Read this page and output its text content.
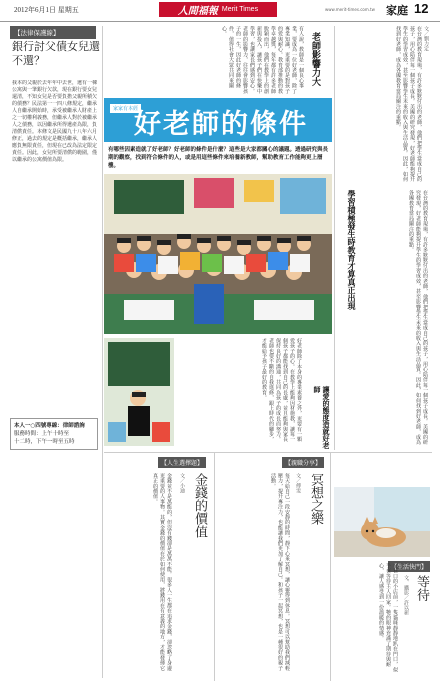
2012年6月1日 星期五	人間福報 Merit Times	www.merit-times.com.tw 家庭 12
【法律保護線】
銀行討父債女兒還不還？
我本的父親於去年年中去世，遺有一棟公寓與一筆銀行欠款，現在銀行要女兒還清，不知女兒是否要負擔父親所積欠的債務？民法第一一四八條規定，繼承人自繼承開始時，承受被繼承人財產上之一切權利義務，但繼承人對於被繼承人之債務，以因繼承所得遺產為限，負清償責任。本條文是民國九十八年六月修正，過去的規定是概括繼承，繼承人應負無限責任，但現在已改為法定限定責任。因此，女兒所要清償的範圍，僅以繼承的公寓價值為限。
本人一○四號專線：律師諮詢
服務時間：上午十時至
十二時，下午一時至五時
有人說，教師是一個良心事業，要成為一位好老師，除了專業知識，更重要的是對孩子的愛與耐心。教育部推動的教學卓越獎，每年都有許多老師脫穎而出，他們在教學上的創新與投入，讓孩子們在快樂中學習，也讓家長們感到安心。老師的影響力，往往會影響孩子的一生，因此好老師的條件，值得社會大眾共同來關心。
老師影響力大
家家有本經
好老師的條件
有哪些因素造就了好老師？好老師的條件是什麼？這些是大家都關心的議題。透過研究與長期的觀察，找到符合條件的人，或是用這些條件來培養新教師，幫助教育工作能夠更上層樓。
好老師除了本身的專業素養之外，更要有一顆愛孩子的心。在教學上能夠因材施教，讓每一個孩子都能找到自己的長處，並且能夠與家長保持良好的溝通，共同為孩子的成長而努力。老師也要不斷的自我進修，跟上時代的腳步，才能給予孩子最好的教育。
讓愛的態度造就好老師
文／劉力定
在台灣的教育現場，有許多默默付出的老師，他們把學生當成自己的孩子，用心陪伴每一個孩子成長。美國的研究發現，好老師能夠提升學生的學習成效，甚至影響學生未來的收入與生活品質。因此，如何找到好老師，成為各國教育當局關注的重點。
學習積極發生時教育才算真正出現	在台灣的教育現場，有許多默默付出的老師，他們把學生當成自己的孩子，用心陪伴每一個孩子成長。美國的研究發現，好老師能夠提升學生的學習成效，甚至影響學生未來的收入與生活品質。因此，如何找到好老師，成為各國教育當局關注的重點。
【人生選擇題】
金錢的價值
文／小迪
金錢並不是萬能的，但沒有錢卻是萬萬不能。很多人一生都在追求金錢，卻忽略了身邊更重要的人事物。其實金錢的價值在於如何使用，將錢用在有意義的地方，才能發揮它真正的價值。
【親職分享】
冥想之樂
文／傅雯
每天給自己一段安靜的時間，靜下心來冥想，讓心靈得到休息。冥想可以幫助我們減輕壓力，提升專注力，也能讓我們更加了解自己。和孩子一起冥想，也是一種很好的親子活動。
【生活快門】
等待
文、攝影／許以新
在巷口的小店前，一隻貓咪靜靜地趴在門口，似乎在等待主人回家。牠的眼神充滿了期待與耐心，讓人感受到一份溫暖的情感。
